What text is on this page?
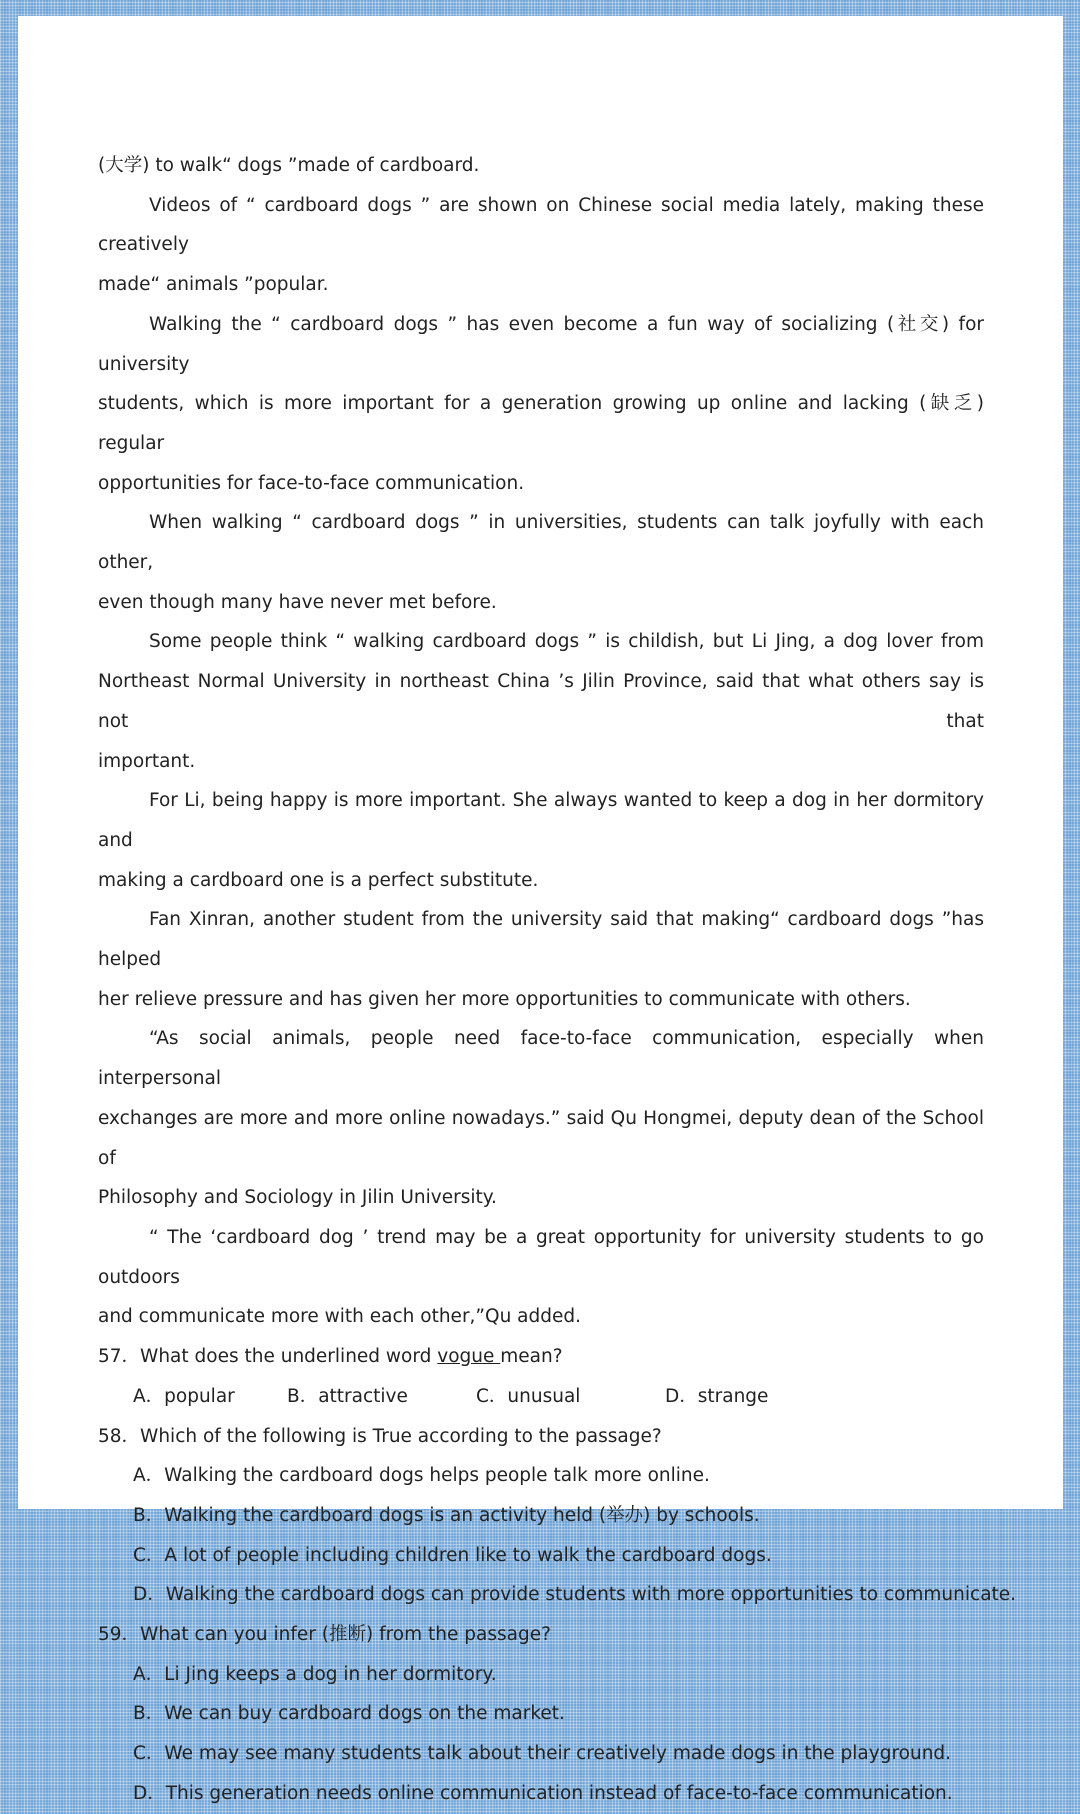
(大学) to walk“ dogs ”made of cardboard.
Videos of “ cardboard dogs ” are shown on Chinese social media lately, making these creatively
made“ animals ”popular.
Walking the “ cardboard dogs ” has even become a fun way of socializing (社交) for university
students, which is more important for a generation growing up online and lacking (缺乏) regular
opportunities for face-to-face communication.
When walking “ cardboard dogs ” in universities, students can talk joyfully with each other,
even though many have never met before.
Some people think “ walking cardboard dogs ” is childish, but Li Jing, a dog lover from
Northeast Normal University in northeast China ’s Jilin Province, said that what others say is not that
important.
For Li, being happy is more important. She always wanted to keep a dog in her dormitory and
making a cardboard one is a perfect substitute.
Fan Xinran, another student from the university said that making“ cardboard dogs ”has helped
her relieve pressure and has given her more opportunities to communicate with others.
“As social animals, people need face-to-face communication, especially when interpersonal
exchanges are more and more online nowadays.” said Qu Hongmei, deputy dean of the School of
Philosophy and Sociology in Jilin University.
“ The ‘cardboard dog ’ trend may be a great opportunity for university students to go outdoors
and communicate more with each other,”Qu added.
57．What does the underlined word vogue mean?
A．popular	B．attractive	C．unusual	D．strange
58．Which of the following is True according to the passage?
A．Walking the cardboard dogs helps people talk more online.
B．Walking the cardboard dogs is an activity held (举办) by schools.
C．A lot of people including children like to walk the cardboard dogs.
D．Walking the cardboard dogs can provide students with more opportunities to communicate.
59．What can you infer (推断) from the passage?
A．Li Jing keeps a dog in her dormitory.
B．We can buy cardboard dogs on the market.
C．We may see many students talk about their creatively made dogs in the playground.
D．This generation needs online communication instead of face-to-face communication.
